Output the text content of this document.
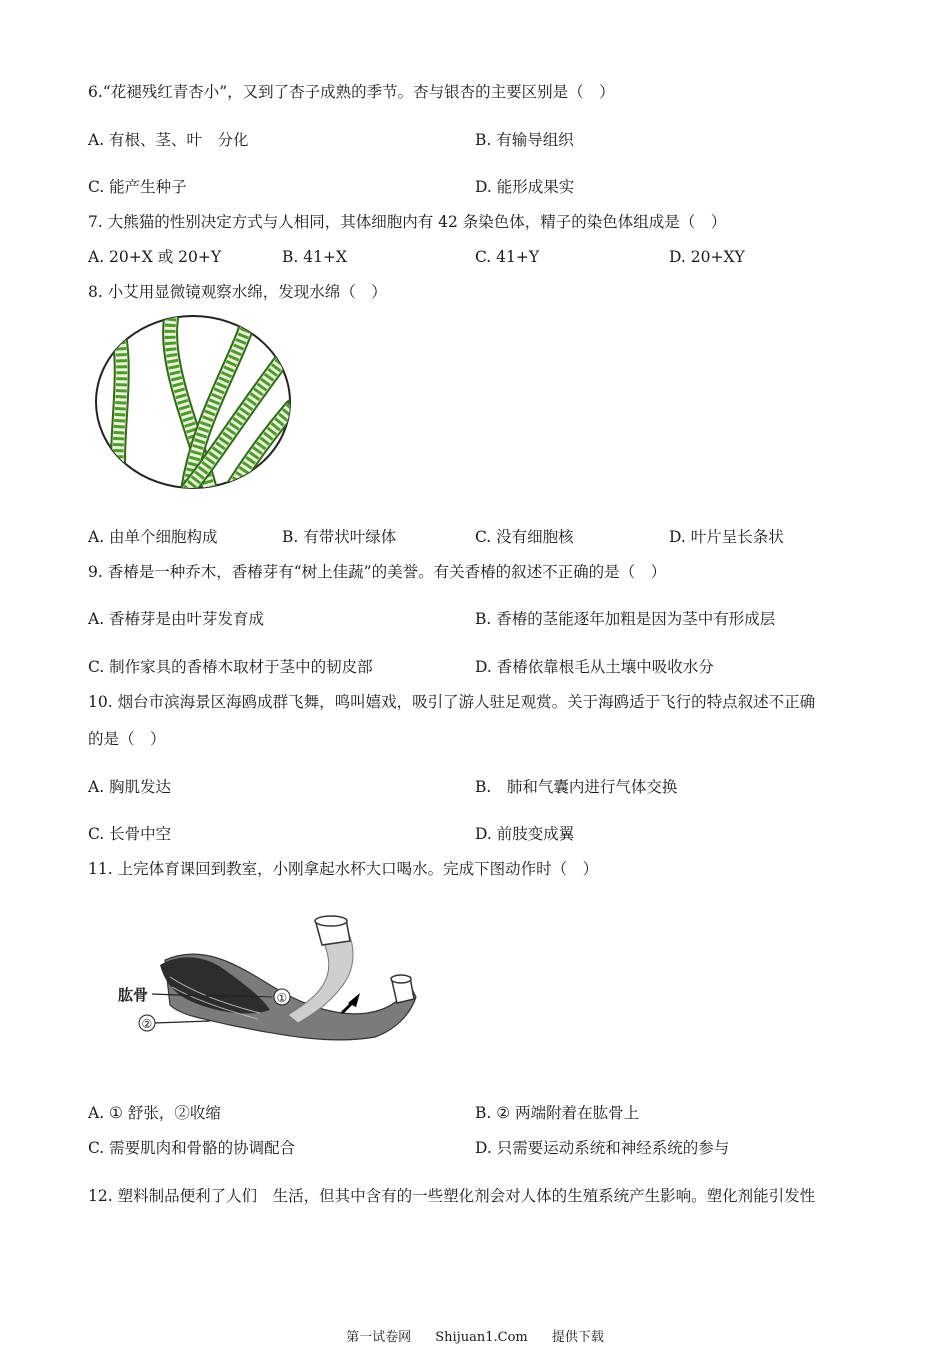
6.“花褪残红青杏小”，又到了杏子成熟的季节。杏与银杏的主要区别是（　）
A. 有根、茎、叶　分化	B. 有输导组织
C. 能产生种子	D. 能形成果实
7. 大熊猫的性别决定方式与人相同，其体细胞内有 42 条染色体，精子的染色体组成是（　）
A. 20+X 或 20+Y	B. 41+X	C. 41+Y	D. 20+XY
8. 小艾用显微镜观察水绵，发现水绵（　）
A. 由单个细胞构成	B. 有带状叶绿体	C. 没有细胞核	D. 叶片呈长条状
9. 香椿是一种乔木，香椿芽有“树上佳蔬”的美誉。有关香椿的叙述不正确的是（　）
A. 香椿芽是由叶芽发育成	B. 香椿的茎能逐年加粗是因为茎中有形成层
C. 制作家具的香椿木取材于茎中的韧皮部	D. 香椿依靠根毛从土壤中吸收水分
10. 烟台市滨海景区海鸥成群飞舞，鸣叫嬉戏，吸引了游人驻足观赏。关于海鸥适于飞行的特点叙述不正确
的是（　）
A. 胸肌发达	B.　肺和气囊内进行气体交换
C. 长骨中空	D. 前肢变成翼
11. 上完体育课回到教室，小刚拿起水杯大口喝水。完成下图动作时（　）
肱骨	①
②
A. ① 舒张，②收缩	B. ② 两端附着在肱骨上
C. 需要肌肉和骨骼的协调配合	D. 只需要运动系统和神经系统的参与
12. 塑料制品便利了人们　生活，但其中含有的一些塑化剂会对人体的生殖系统产生影响。塑化剂能引发性
第一试卷网 Shijuan1.Com 提供下载
